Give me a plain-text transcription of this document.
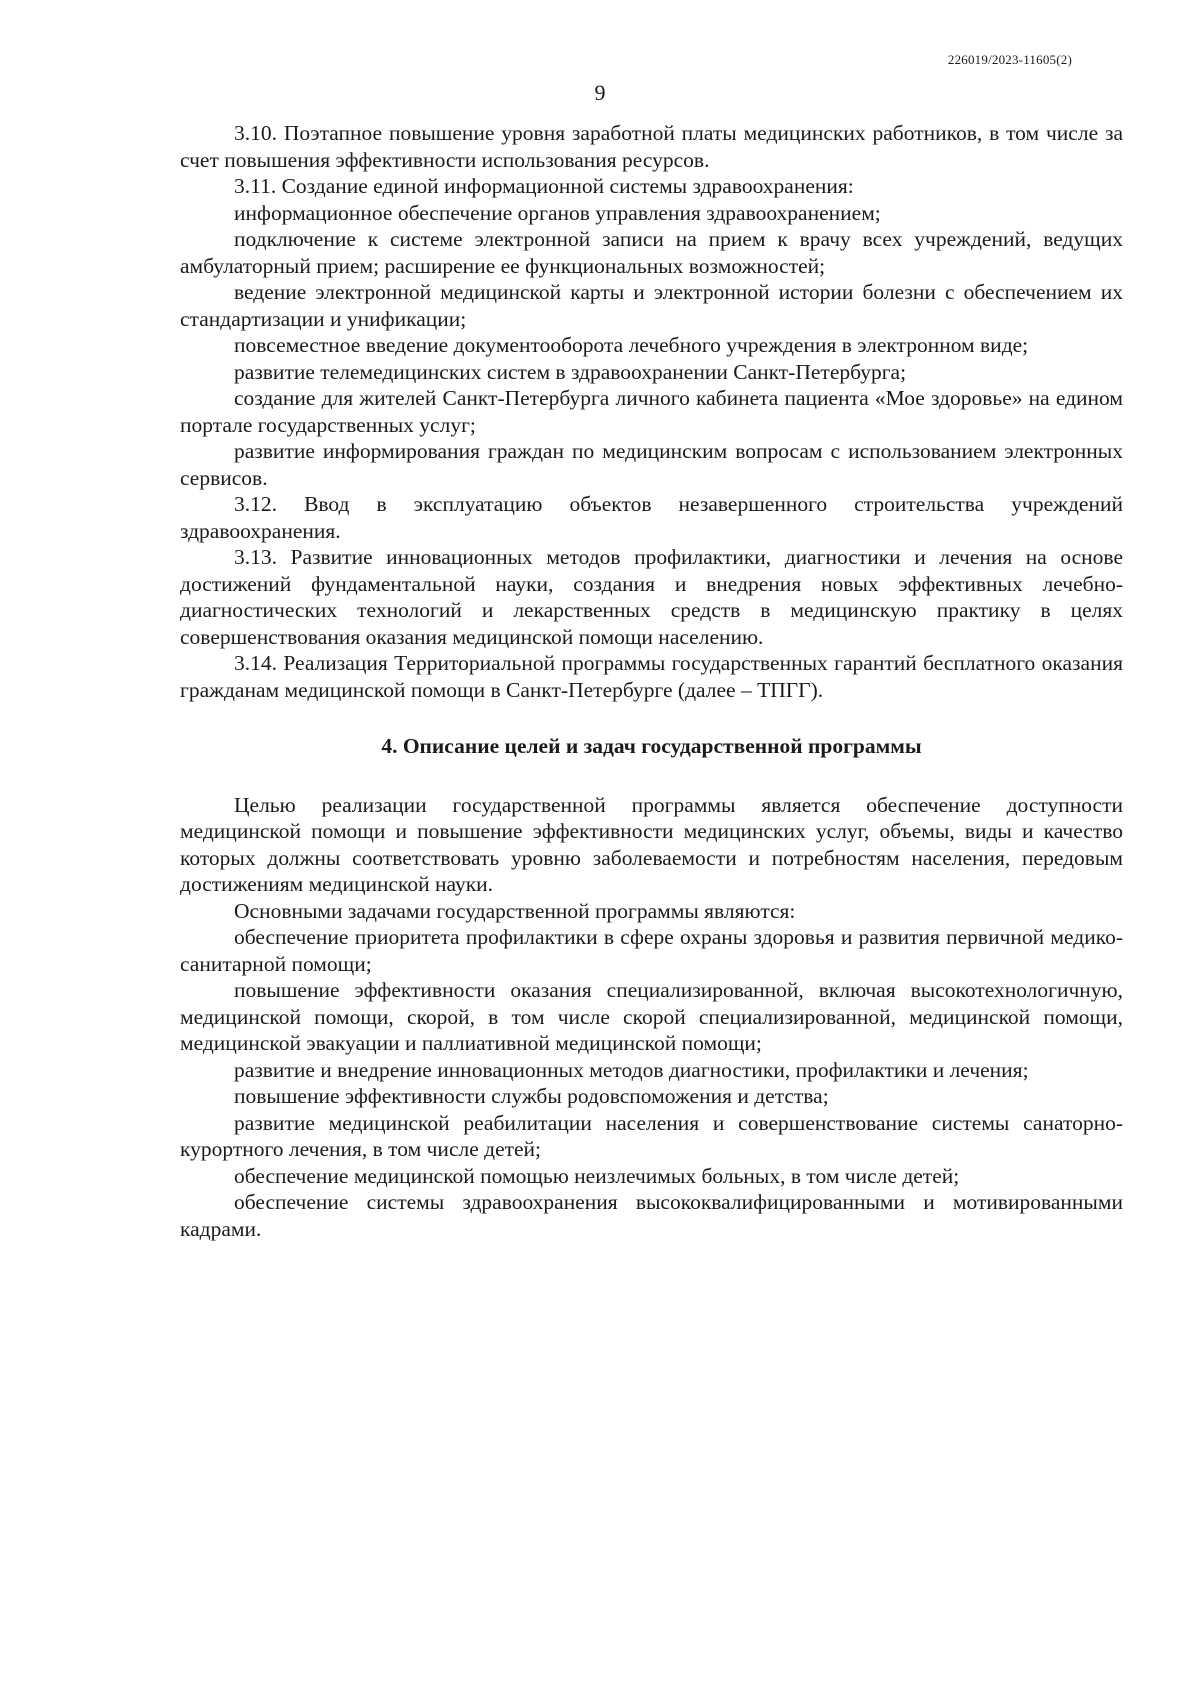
226019/2023-11605(2)
9

3.10. Поэтапное повышение уровня заработной платы медицинских работников, в том числе за счет повышения эффективности использования ресурсов.

3.11. Создание единой информационной системы здравоохранения:

информационное обеспечение органов управления здравоохранением;

подключение к системе электронной записи на прием к врачу всех учреждений, ведущих амбулаторный прием; расширение ее функциональных возможностей;

ведение электронной медицинской карты и электронной истории болезни с обеспечением их стандартизации и унификации;

повсеместное введение документооборота лечебного учреждения в электронном виде;

развитие телемедицинских систем в здравоохранении Санкт-Петербурга;

создание для жителей Санкт-Петербурга личного кабинета пациента «Мое здоровье» на едином портале государственных услуг;

развитие информирования граждан по медицинским вопросам с использованием электронных сервисов.

3.12. Ввод в эксплуатацию объектов незавершенного строительства учреждений здравоохранения.

3.13. Развитие инновационных методов профилактики, диагностики и лечения на основе достижений фундаментальной науки, создания и внедрения новых эффективных лечебно-диагностических технологий и лекарственных средств в медицинскую практику в целях совершенствования оказания медицинской помощи населению.

3.14. Реализация Территориальной программы государственных гарантий бесплатного оказания гражданам медицинской помощи в Санкт-Петербурге (далее – ТПГГ).

4. Описание целей и задач государственной программы

Целью реализации государственной программы является обеспечение доступности медицинской помощи и повышение эффективности медицинских услуг, объемы, виды и качество которых должны соответствовать уровню заболеваемости и потребностям населения, передовым достижениям медицинской науки.

Основными задачами государственной программы являются:

обеспечение приоритета профилактики в сфере охраны здоровья и развития первичной медико-санитарной помощи;

повышение эффективности оказания специализированной, включая высокотехнологичную, медицинской помощи, скорой, в том числе скорой специализированной, медицинской помощи, медицинской эвакуации и паллиативной медицинской помощи;

развитие и внедрение инновационных методов диагностики, профилактики и лечения;

повышение эффективности службы родовспоможения и детства;

развитие медицинской реабилитации населения и совершенствование системы санаторно-курортного лечения, в том числе детей;

обеспечение медицинской помощью неизлечимых больных, в том числе детей;

обеспечение системы здравоохранения высококвалифицированными и мотивированными кадрами.
